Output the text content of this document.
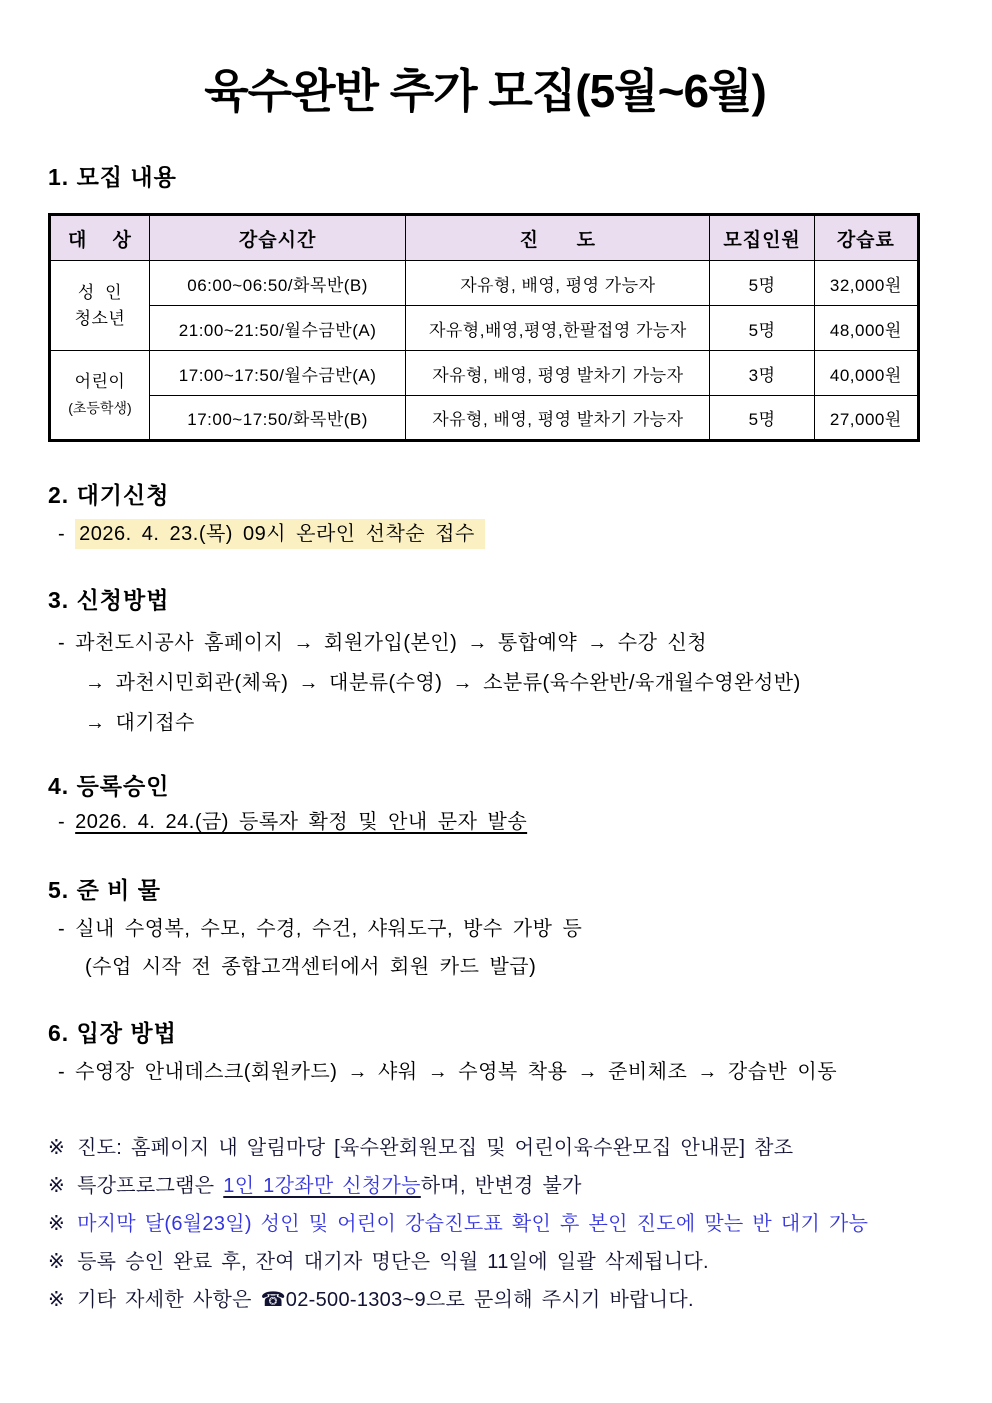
육수완반 추가 모집(5월~6월)
1. 모집 내용
대    상	강습시간	진      도	모집인원	강습료

성  인
청소년	06:00~06:50/화목반(B)	자유형, 배영, 평영 가능자	5명	32,000원
	21:00~21:50/월수금반(A)	자유형,배영,평영,한팔접영 가능자	5명	48,000원

어린이
(초등학생)	17:00~17:50/월수금반(A)	자유형, 배영, 평영 발차기 가능자	3명	40,000원
	17:00~17:50/화목반(B)	자유형, 배영, 평영 발차기 가능자	5명	27,000원
2. 대기신청
- 2026. 4. 23.(목) 09시 온라인 선착순 접수
3. 신청방법
- 과천도시공사 홈페이지 → 회원가입(본인) → 통합예약 → 수강 신청
→ 과천시민회관(체육) → 대분류(수영) → 소분류(육수완반/육개월수영완성반)
→ 대기접수
4. 등록승인
- 2026. 4. 24.(금) 등록자 확정 및 안내 문자 발송
5. 준 비 물
- 실내 수영복, 수모, 수경, 수건, 샤워도구, 방수 가방 등
(수업 시작 전 종합고객센터에서 회원 카드 발급)
6. 입장 방법
- 수영장 안내데스크(회원카드) → 샤워 → 수영복 착용 → 준비체조 → 강습반 이동
※ 진도: 홈페이지 내 알림마당 [육수완회원모집 및 어린이육수완모집 안내문] 참조
※ 특강프로그램은 1인 1강좌만 신청가능하며, 반변경 불가
※ 마지막 달(6월23일) 성인 및 어린이 강습진도표 확인 후 본인 진도에 맞는 반 대기 가능
※ 등록 승인 완료 후, 잔여 대기자 명단은 익월 11일에 일괄 삭제됩니다.
※ 기타 자세한 사항은 ☎02-500-1303~9으로 문의해 주시기 바랍니다.
